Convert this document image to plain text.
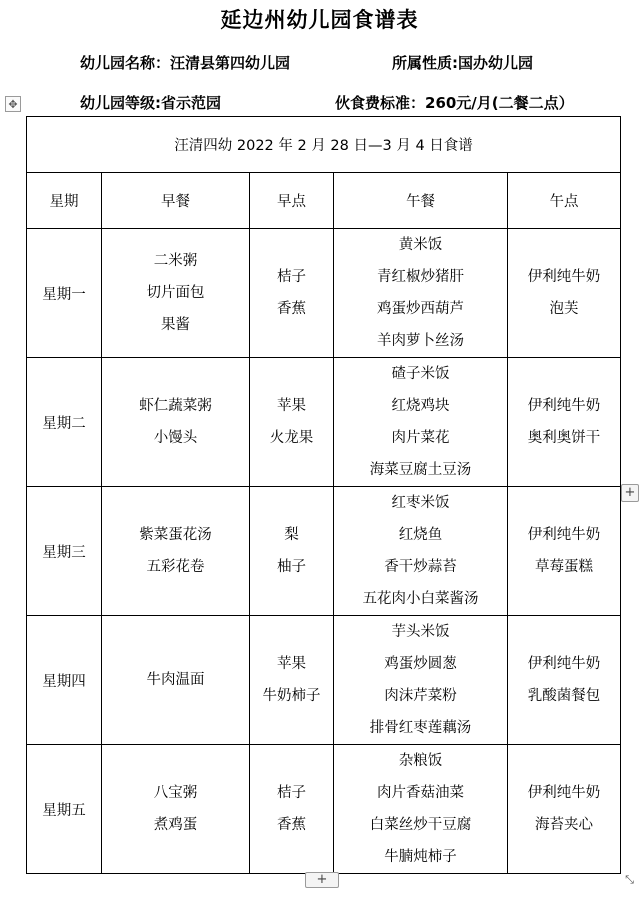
延边州幼儿园食谱表
幼儿园名称：汪清县第四幼儿园	所属性质:国办幼儿园
幼儿园等级:省示范园	伙食费标准：260元/月(二餐二点）
✥
汪清四幼 2022 年 2 月 28 日—3 月 4 日食谱				
星期	早餐	早点	午餐	午点
星期一	二米粥
切片面包
果酱	桔子
香蕉	黄米饭
青红椒炒猪肝
鸡蛋炒西葫芦
羊肉萝卜丝汤	伊利纯牛奶
泡芙

星期二	虾仁蔬菜粥
小馒头	苹果
火龙果	碴子米饭
红烧鸡块
肉片菜花
海菜豆腐土豆汤	伊利纯牛奶
奥利奥饼干

星期三	紫菜蛋花汤
五彩花卷	梨
柚子	红枣米饭
红烧鱼
香干炒蒜苔
五花肉小白菜酱汤	伊利纯牛奶
草莓蛋糕

星期四	牛肉温面	苹果
牛奶柿子	芋头米饭
鸡蛋炒圆葱
肉沫芹菜粉
排骨红枣莲藕汤	伊利纯牛奶
乳酸菌餐包

星期五	八宝粥
煮鸡蛋	桔子
香蕉	杂粮饭
肉片香菇油菜
白菜丝炒干豆腐
牛腩炖柿子	伊利纯牛奶
海苔夹心
+
+	⤡
